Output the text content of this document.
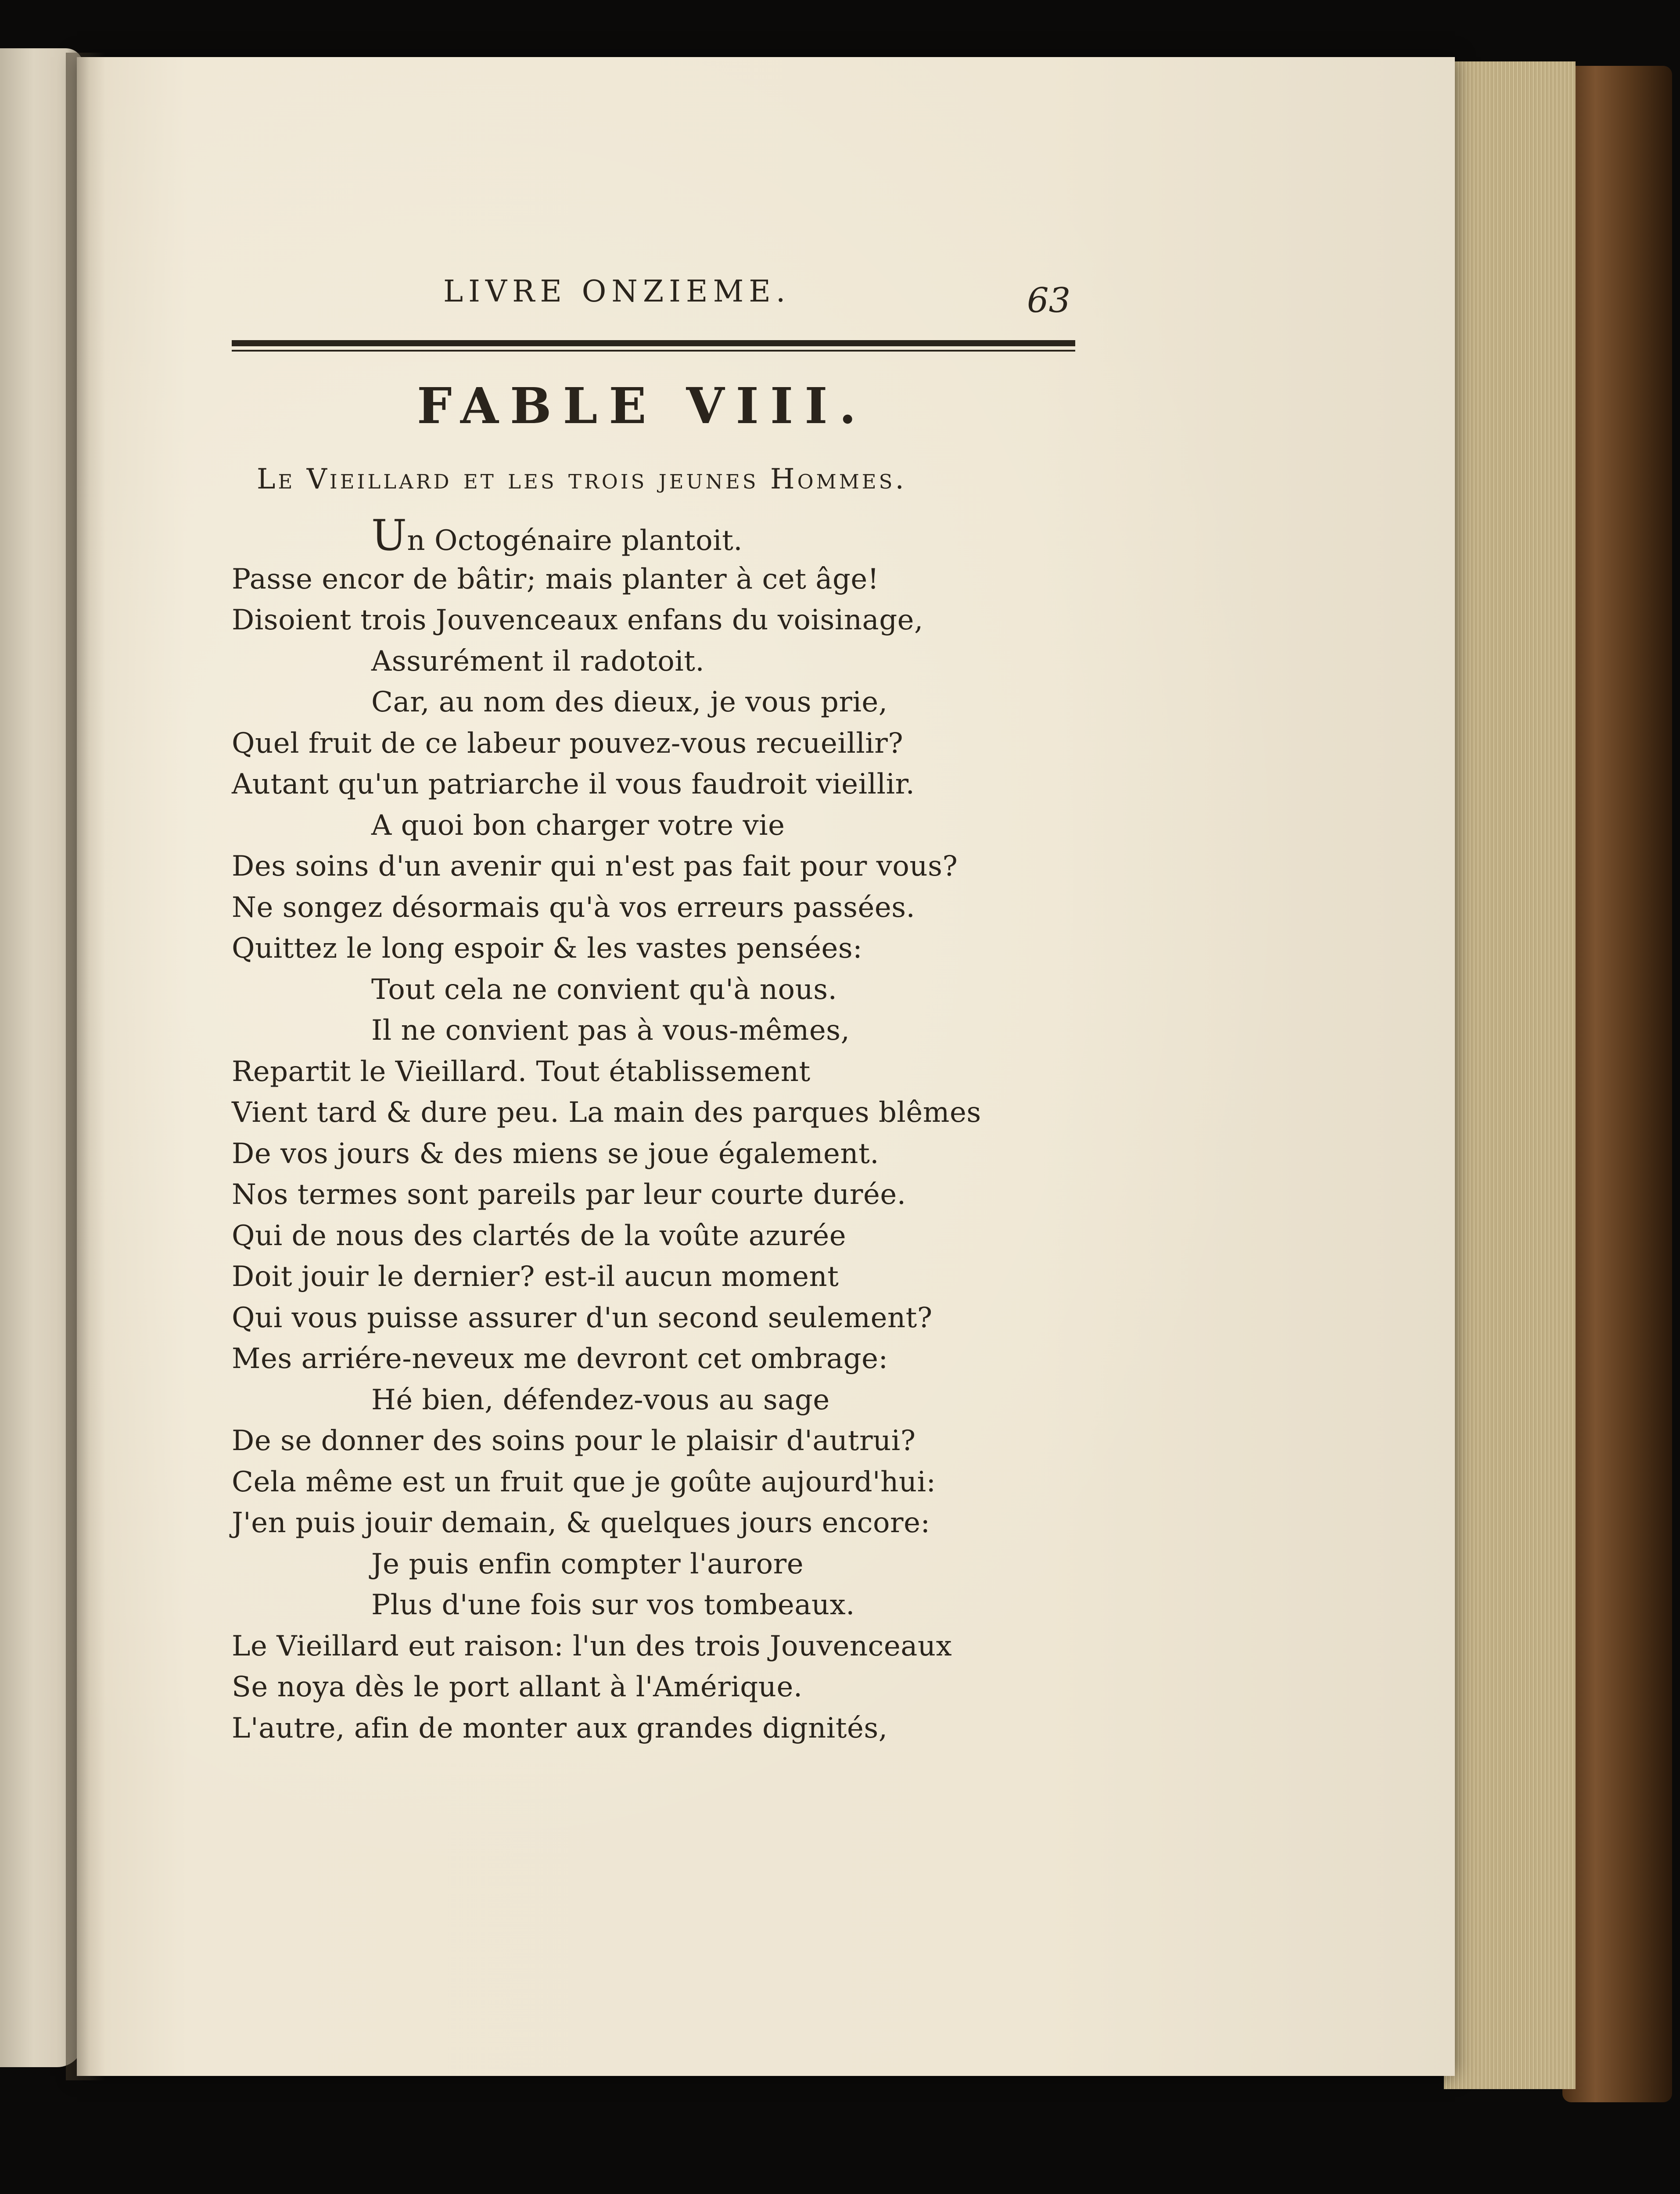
LIVRE ONZIEME.	63
FABLE VIII.
Le Vieillard et les trois jeunes Hommes.
Un Octogénaire plantoit.
Passe encor de bâtir; mais planter à cet âge!
Disoient trois Jouvenceaux enfans du voisinage,
Assurément il radotoit.
Car, au nom des dieux, je vous prie,
Quel fruit de ce labeur pouvez-vous recueillir?
Autant qu'un patriarche il vous faudroit vieillir.
A quoi bon charger votre vie
Des soins d'un avenir qui n'est pas fait pour vous?
Ne songez désormais qu'à vos erreurs passées.
Quittez le long espoir & les vastes pensées:
Tout cela ne convient qu'à nous.
Il ne convient pas à vous-mêmes,
Repartit le Vieillard. Tout établissement
Vient tard & dure peu. La main des parques blêmes
De vos jours & des miens se joue également.
Nos termes sont pareils par leur courte durée.
Qui de nous des clartés de la voûte azurée
Doit jouir le dernier? est-il aucun moment
Qui vous puisse assurer d'un second seulement?
Mes arriére-neveux me devront cet ombrage:
Hé bien, défendez-vous au sage
De se donner des soins pour le plaisir d'autrui?
Cela même est un fruit que je goûte aujourd'hui:
J'en puis jouir demain, & quelques jours encore:
Je puis enfin compter l'aurore
Plus d'une fois sur vos tombeaux.
Le Vieillard eut raison: l'un des trois Jouvenceaux
Se noya dès le port allant à l'Amérique.
L'autre, afin de monter aux grandes dignités,
